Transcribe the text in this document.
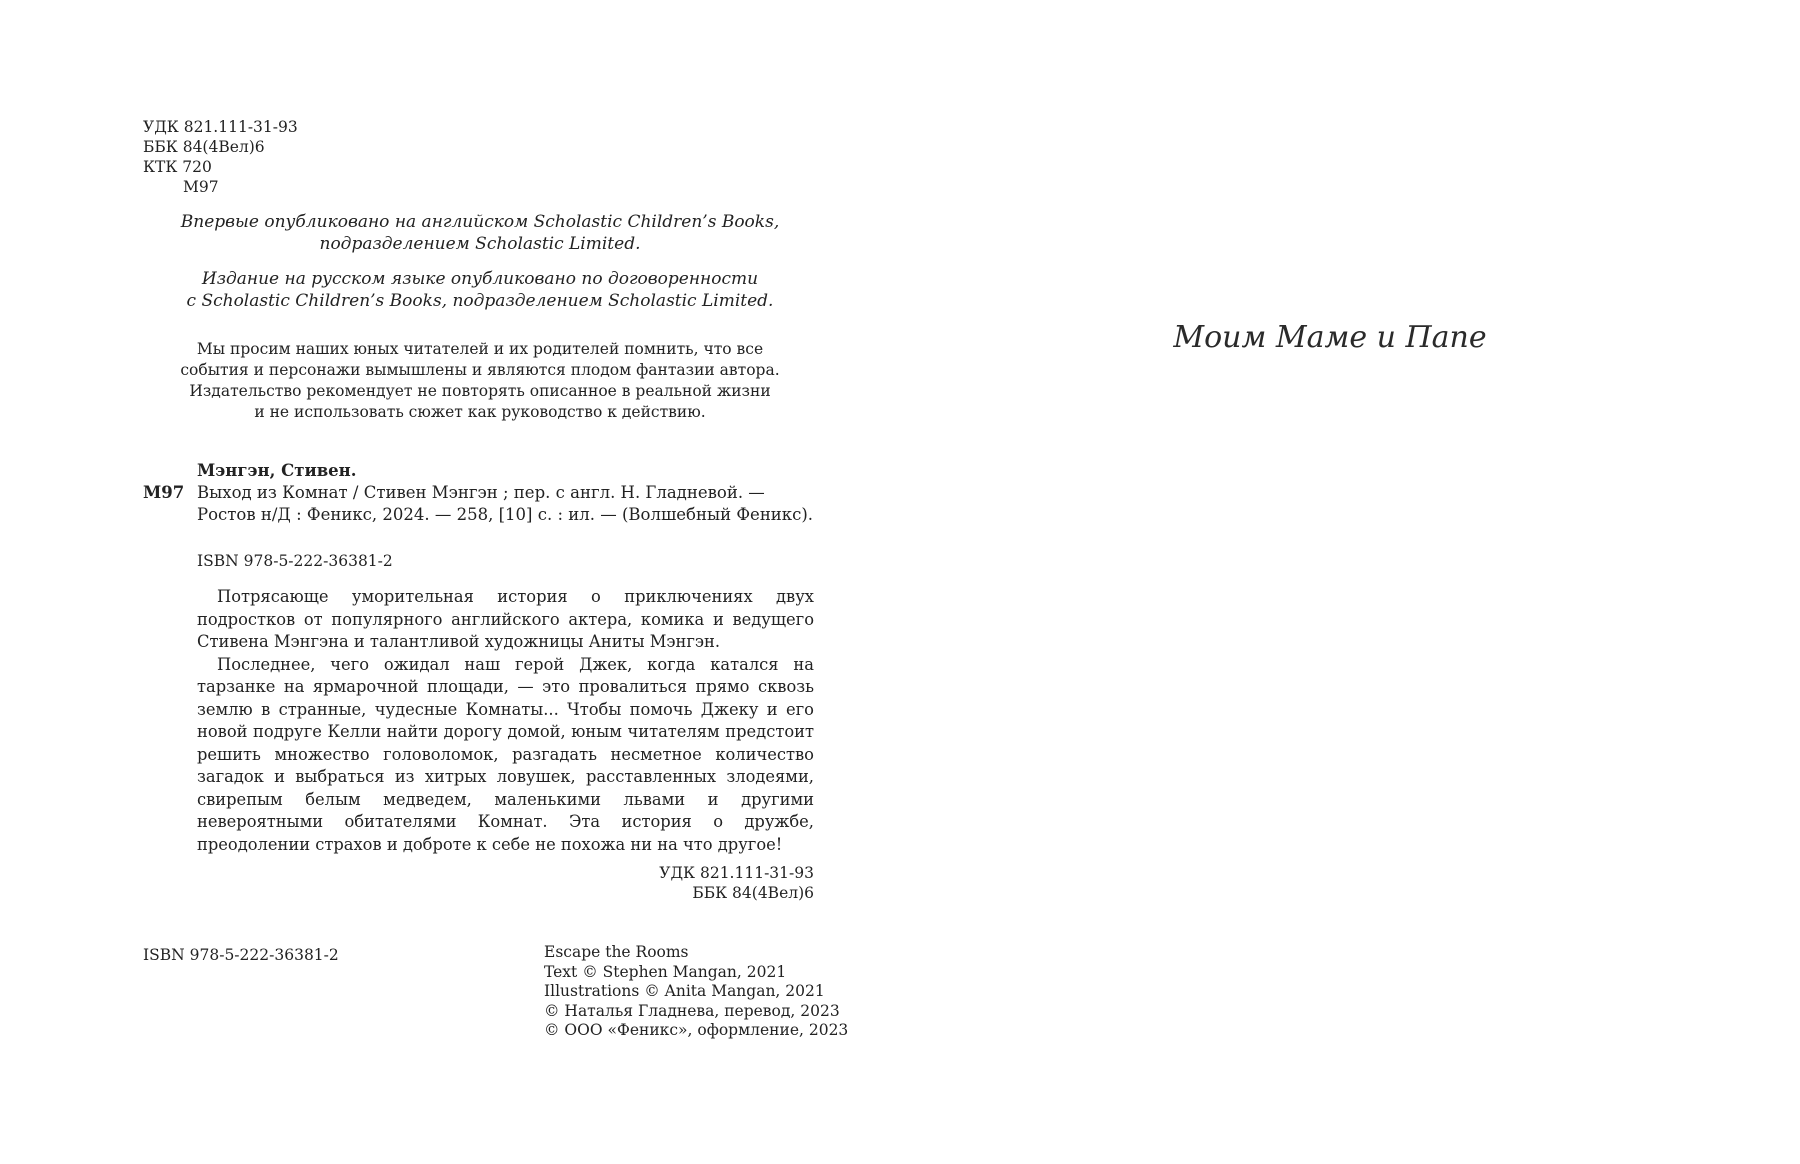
УДК 821.111-31-93
ББК 84(4Вел)6
КТК 720
М97
Впервые опубликовано на английском Scholastic Children’s Books,
подразделением Scholastic Limited.
Издание на русском языке опубликовано по договоренности
с Scholastic Children’s Books, подразделением Scholastic Limited.
Мы просим наших юных читателей и их родителей помнить, что все
события и персонажи вымышлены и являются плодом фантазии автора.
Издательство рекомендует не повторять описанное в реальной жизни
и не использовать сюжет как руководство к действию.
Мэнгэн, Стивен.
М97 Выход из Комнат / Стивен Мэнгэн ; пер. с англ. Н. Гладневой. —
Ростов н/Д : Феникс, 2024. — 258, [10] с. : ил. — (Волшебный Феникс).
ISBN 978-5-222-36381-2

Потрясающе уморительная история о приключениях двух подростков от популярного английского актера, комика и ведущего Стивена Мэнгэна и талантливой художницы Аниты Мэнгэн.

Последнее, чего ожидал наш герой Джек, когда катался на тарзанке на ярмарочной площади, — это провалиться прямо сквозь землю в странные, чудесные Комнаты... Чтобы помочь Джеку и его новой подруге Келли найти дорогу домой, юным читателям предстоит решить множество головоломок, разгадать несметное количество загадок и выбраться из хитрых ловушек, расставленных злодеями, свирепым белым медведем, маленькими львами и другими невероятными обитателями Комнат. Эта история о дружбе, преодолении страхов и доброте к себе не похожа ни на что другое!

УДК 821.111-31-93
ББК 84(4Вел)6
ISBN 978-5-222-36381-2	Escape the Rooms
Text © Stephen Mangan, 2021
Illustrations © Anita Mangan, 2021
© Наталья Гладнева, перевод, 2023
© ООО «Феникс», оформление, 2023
Моим Маме и Папе
